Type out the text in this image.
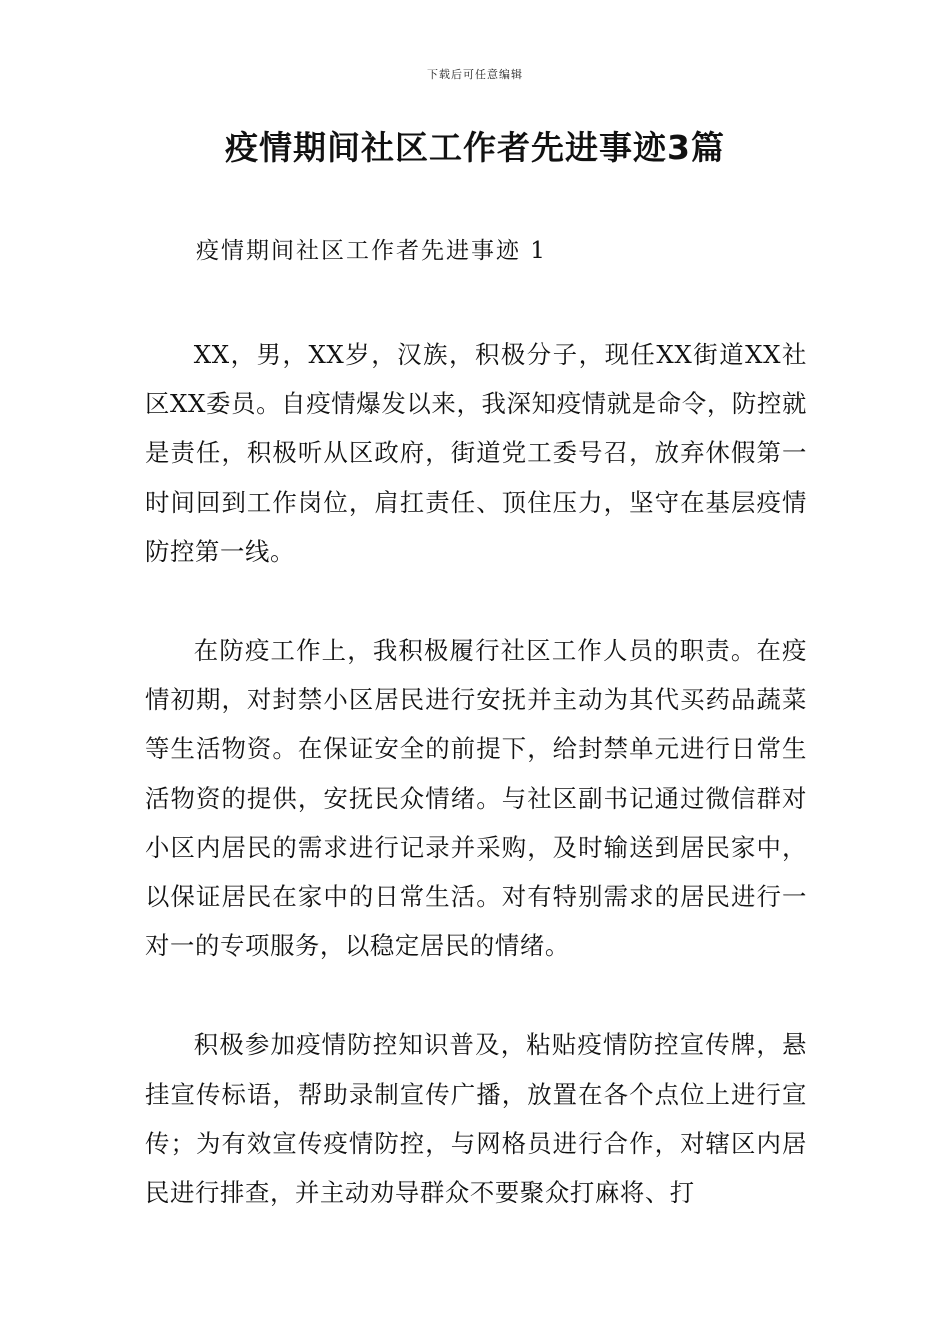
下载后可任意编辑
疫情期间社区工作者先进事迹3篇
疫情期间社区工作者先进事迹 1

XX，男，XX岁，汉族，积极分子，现任XX街道XX社区XX委员。自疫情爆发以来，我深知疫情就是命令，防控就是责任，积极听从区政府，街道党工委号召，放弃休假第一时间回到工作岗位，肩扛责任、顶住压力，坚守在基层疫情防控第一线。

在防疫工作上，我积极履行社区工作人员的职责。在疫情初期，对封禁小区居民进行安抚并主动为其代买药品蔬菜等生活物资。在保证安全的前提下，给封禁单元进行日常生活物资的提供，安抚民众情绪。与社区副书记通过微信群对小区内居民的需求进行记录并采购，及时输送到居民家中，以保证居民在家中的日常生活。对有特别需求的居民进行一对一的专项服务，以稳定居民的情绪。

积极参加疫情防控知识普及，粘贴疫情防控宣传牌，悬挂宣传标语，帮助录制宣传广播，放置在各个点位上进行宣传；为有效宣传疫情防控，与网格员进行合作，对辖区内居民进行排查，并主动劝导群众不要聚众打麻将、打
